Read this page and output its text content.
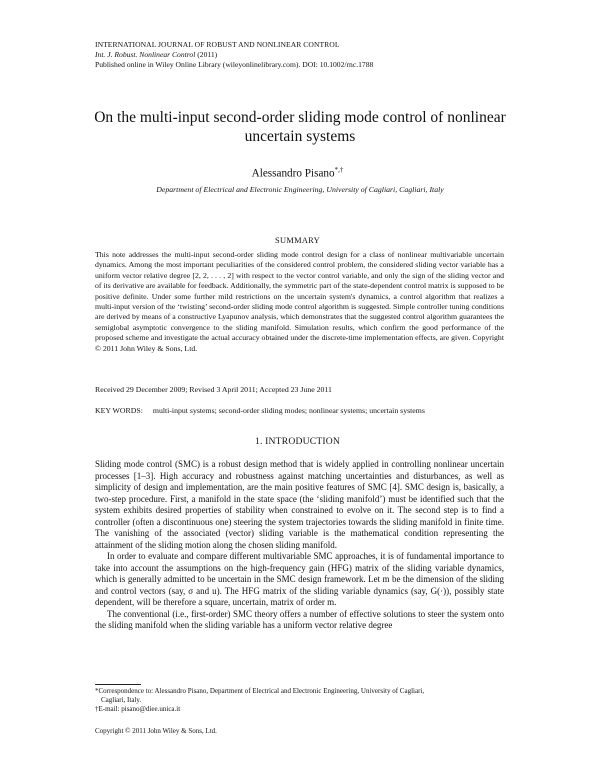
INTERNATIONAL JOURNAL OF ROBUST AND NONLINEAR CONTROL
Int. J. Robust. Nonlinear Control (2011)
Published online in Wiley Online Library (wileyonlinelibrary.com). DOI: 10.1002/rnc.1788
On the multi-input second-order sliding mode control of nonlinear uncertain systems
Alessandro Pisano*,†
Department of Electrical and Electronic Engineering, University of Cagliari, Cagliari, Italy
SUMMARY
This note addresses the multi-input second-order sliding mode control design for a class of nonlinear multivariable uncertain dynamics. Among the most important peculiarities of the considered control problem, the considered sliding vector variable has a uniform vector relative degree [2, 2, . . . , 2] with respect to the vector control variable, and only the sign of the sliding vector and of its derivative are available for feedback. Additionally, the symmetric part of the state-dependent control matrix is supposed to be positive definite. Under some further mild restrictions on the uncertain system's dynamics, a control algorithm that realizes a multi-input version of the ‘twisting’ second-order sliding mode control algorithm is suggested. Simple controller tuning conditions are derived by means of a constructive Lyapunov analysis, which demonstrates that the suggested control algorithm guarantees the semiglobal asymptotic convergence to the sliding manifold. Simulation results, which confirm the good performance of the proposed scheme and investigate the actual accuracy obtained under the discrete-time implementation effects, are given. Copyright © 2011 John Wiley & Sons, Ltd.
Received 29 December 2009; Revised 3 April 2011; Accepted 23 June 2011
KEY WORDS: multi-input systems; second-order sliding modes; nonlinear systems; uncertain systems
1. INTRODUCTION

Sliding mode control (SMC) is a robust design method that is widely applied in controlling nonlinear uncertain processes [1–3]. High accuracy and robustness against matching uncertainties and disturbances, as well as simplicity of design and implementation, are the main positive features of SMC [4]. SMC design is, basically, a two-step procedure. First, a manifold in the state space (the ‘sliding manifold’) must be identified such that the system exhibits desired properties of stability when constrained to evolve on it. The second step is to find a controller (often a discontinuous one) steering the system trajectories towards the sliding manifold in finite time. The vanishing of the associated (vector) sliding variable is the mathematical condition representing the attainment of the sliding motion along the chosen sliding manifold.

In order to evaluate and compare different multivariable SMC approaches, it is of fundamental importance to take into account the assumptions on the high-frequency gain (HFG) matrix of the sliding variable dynamics, which is generally admitted to be uncertain in the SMC design framework. Let m be the dimension of the sliding and control vectors (say, σ and u). The HFG matrix of the sliding variable dynamics (say, G(·)), possibly state dependent, will be therefore a square, uncertain, matrix of order m.

The conventional (i.e., first-order) SMC theory offers a number of effective solutions to steer the system onto the sliding manifold when the sliding variable has a uniform vector relative degree

*Correspondence to: Alessandro Pisano, Department of Electrical and Electronic Engineering, University of Cagliari,
Cagliari, Italy.
†E-mail: pisano@diee.unica.it
Copyright © 2011 John Wiley & Sons, Ltd.
